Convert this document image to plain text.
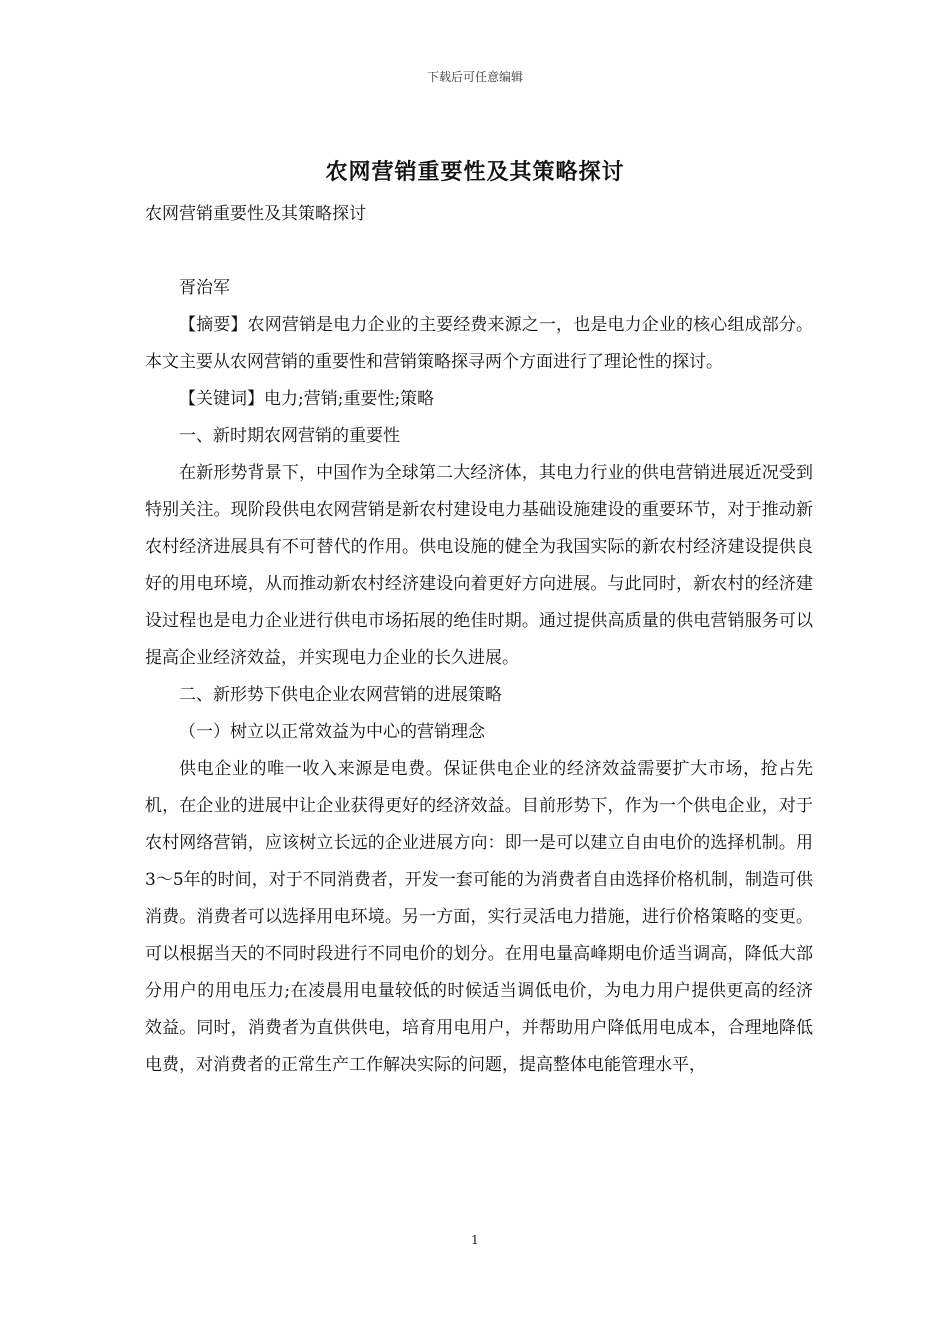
下载后可任意编辑
农网营销重要性及其策略探讨

农网营销重要性及其策略探讨

胥治军

【摘要】农网营销是电力企业的主要经费来源之一，也是电力企业的核心组成部分。本文主要从农网营销的重要性和营销策略探寻两个方面进行了理论性的探讨。

【关键词】电力;营销;重要性;策略

一、新时期农网营销的重要性

在新形势背景下，中国作为全球第二大经济体，其电力行业的供电营销进展近况受到特别关注。现阶段供电农网营销是新农村建设电力基础设施建设的重要环节，对于推动新农村经济进展具有不可替代的作用。供电设施的健全为我国实际的新农村经济建设提供良好的用电环境，从而推动新农村经济建设向着更好方向进展。与此同时，新农村的经济建设过程也是电力企业进行供电市场拓展的绝佳时期。通过提供高质量的供电营销服务可以提高企业经济效益，并实现电力企业的长久进展。

二、新形势下供电企业农网营销的进展策略

（一）树立以正常效益为中心的营销理念

供电企业的唯一收入来源是电费。保证供电企业的经济效益需要扩大市场，抢占先机，在企业的进展中让企业获得更好的经济效益。目前形势下，作为一个供电企业，对于农村网络营销，应该树立长远的企业进展方向：即一是可以建立自由电价的选择机制。用3～5年的时间，对于不同消费者，开发一套可能的为消费者自由选择价格机制，制造可供消费。消费者可以选择用电环境。另一方面，实行灵活电力措施，进行价格策略的变更。可以根据当天的不同时段进行不同电价的划分。在用电量高峰期电价适当调高，降低大部分用户的用电压力;在凌晨用电量较低的时候适当调低电价，为电力用户提供更高的经济效益。同时，消费者为直供供电，培育用电用户，并帮助用户降低用电成本，合理地降低电费，对消费者的正常生产工作解决实际的问题，提高整体电能管理水平，

1
